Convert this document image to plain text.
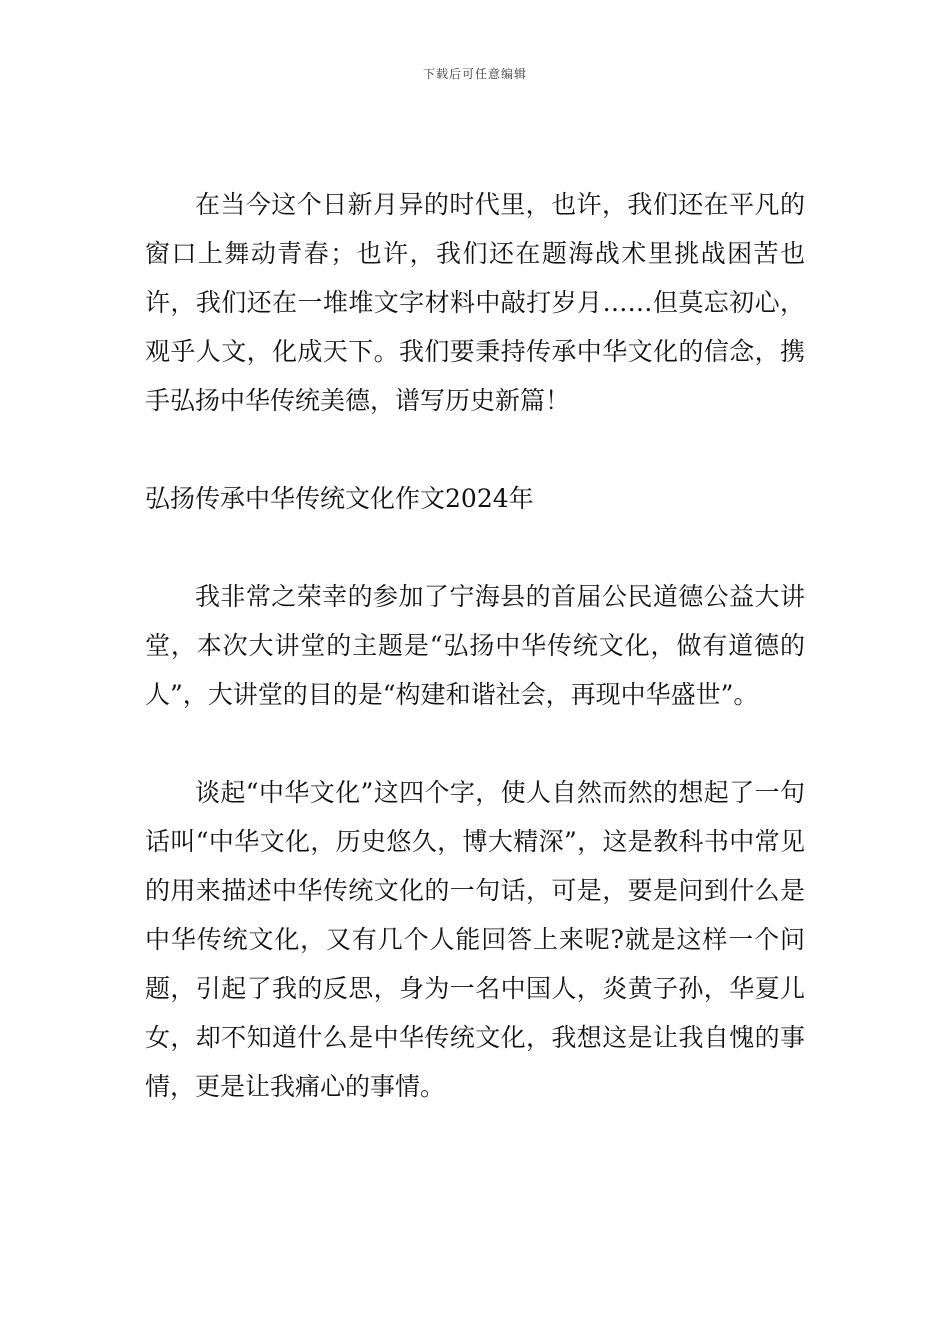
下载后可任意编辑

在当今这个日新月异的时代里，也许，我们还在平凡的窗口上舞动青春；也许，我们还在题海战术里挑战困苦也许，我们还在一堆堆文字材料中敲打岁月……但莫忘初心，观乎人文，化成天下。我们要秉持传承中华文化的信念，携手弘扬中华传统美德，谱写历史新篇！

弘扬传承中华传统文化作文2024年

我非常之荣幸的参加了宁海县的首届公民道德公益大讲堂，本次大讲堂的主题是“弘扬中华传统文化，做有道德的人”，大讲堂的目的是“构建和谐社会，再现中华盛世”。

谈起“中华文化”这四个字，使人自然而然的想起了一句话叫“中华文化，历史悠久，博大精深”，这是教科书中常见的用来描述中华传统文化的一句话，可是，要是问到什么是中华传统文化，又有几个人能回答上来呢?就是这样一个问题，引起了我的反思，身为一名中国人，炎黄子孙，华夏儿女，却不知道什么是中华传统文化，我想这是让我自愧的事情，更是让我痛心的事情。
